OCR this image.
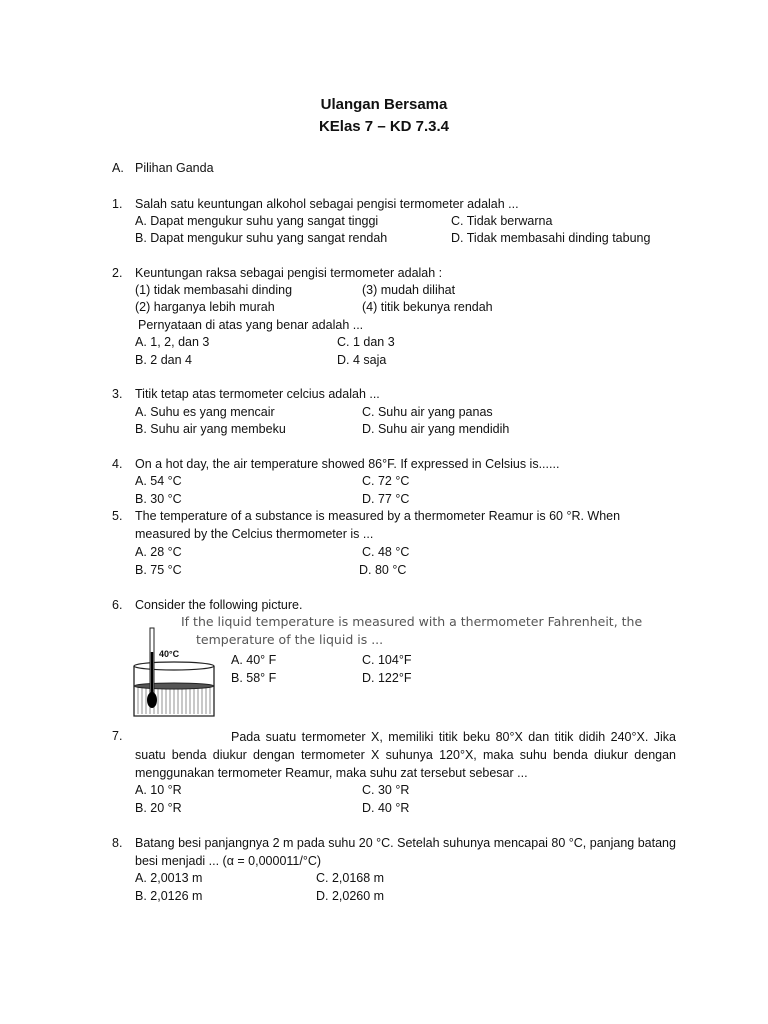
Ulangan Bersama
KElas 7 – KD 7.3.4
A. Pilihan Ganda
1. Salah satu keuntungan alkohol sebagai pengisi termometer adalah ...
A. Dapat mengukur suhu yang sangat tinggi	C. Tidak berwarna
B. Dapat mengukur suhu yang sangat rendah	D. Tidak membasahi dinding tabung
2. Keuntungan raksa sebagai pengisi termometer adalah :
(1) tidak membasahi dinding	(3) mudah dilihat
(2) harganya lebih murah	(4) titik bekunya rendah
Pernyataan di atas yang benar adalah ...
A. 1, 2, dan 3	C. 1 dan 3
B. 2 dan 4	D. 4 saja
3. Titik tetap atas termometer celcius adalah ...
A. Suhu es yang mencair	C. Suhu air yang panas
B. Suhu air yang membeku	D. Suhu air yang mendidih
4. On a hot day, the air temperature showed 86°F. If expressed in Celsius is......
A. 54 °C	C. 72 °C
B. 30 °C	D. 77 °C
5. The temperature of a substance is measured by a thermometer Reamur is 60 °R. When
measured by the Celcius thermometer is ...
A. 28 °C	C. 48 °C
B. 75 °C	D. 80 °C
6. Consider the following picture.
If the liquid temperature is measured with a thermometer Fahrenheit, the
temperature of the liquid is ...
40°C	A. 40° F	C. 104°F
B. 58° F	D. 122°F
7.	Pada suatu termometer X, memiliki titik beku 80°X dan titik didih 240°X. Jika suatu benda diukur dengan termometer X suhunya 120°X, maka suhu benda diukur dengan menggunakan termometer Reamur, maka suhu zat tersebut sebesar ...
A. 10 °R	C. 30 °R
B. 20 °R	D. 40 °R
8. Batang besi panjangnya 2 m pada suhu 20 °C. Setelah suhunya mencapai 80 °C, panjang batang
besi menjadi ... (α = 0,000011/°C)
A. 2,0013 m	C. 2,0168 m
B. 2,0126 m	D. 2,0260 m
